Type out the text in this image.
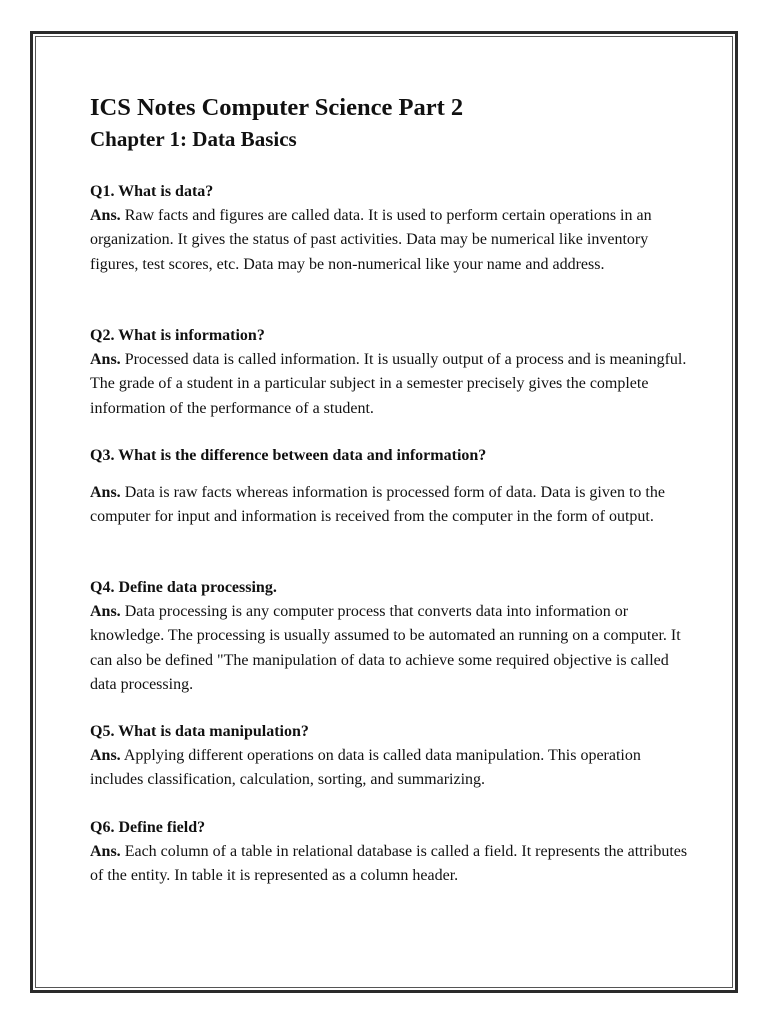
ICS Notes Computer Science Part 2
Chapter 1: Data Basics

Q1. What is data?

Ans. Raw facts and figures are called data. It is used to perform certain operations in an organization. It gives the status of past activities. Data may be numerical like inventory figures, test scores, etc. Data may be non-numerical like your name and address.

Q2. What is information?

Ans. Processed data is called information. It is usually output of a process and is meaningful. The grade of a student in a particular subject in a semester precisely gives the complete information of the performance of a student.

Q3. What is the difference between data and information?

Ans. Data is raw facts whereas information is processed form of data. Data is given to the computer for input and information is received from the computer in the form of output.

Q4. Define data processing.

Ans. Data processing is any computer process that converts data into information or knowledge. The processing is usually assumed to be automated an running on a computer. It can also be defined "The manipulation of data to achieve some required objective is called data processing.

Q5. What is data manipulation?

Ans. Applying different operations on data is called data manipulation. This operation includes classification, calculation, sorting, and summarizing.

Q6. Define field?

Ans. Each column of a table in relational database is called a field. It represents the attributes of the entity. In table it is represented as a column header.
